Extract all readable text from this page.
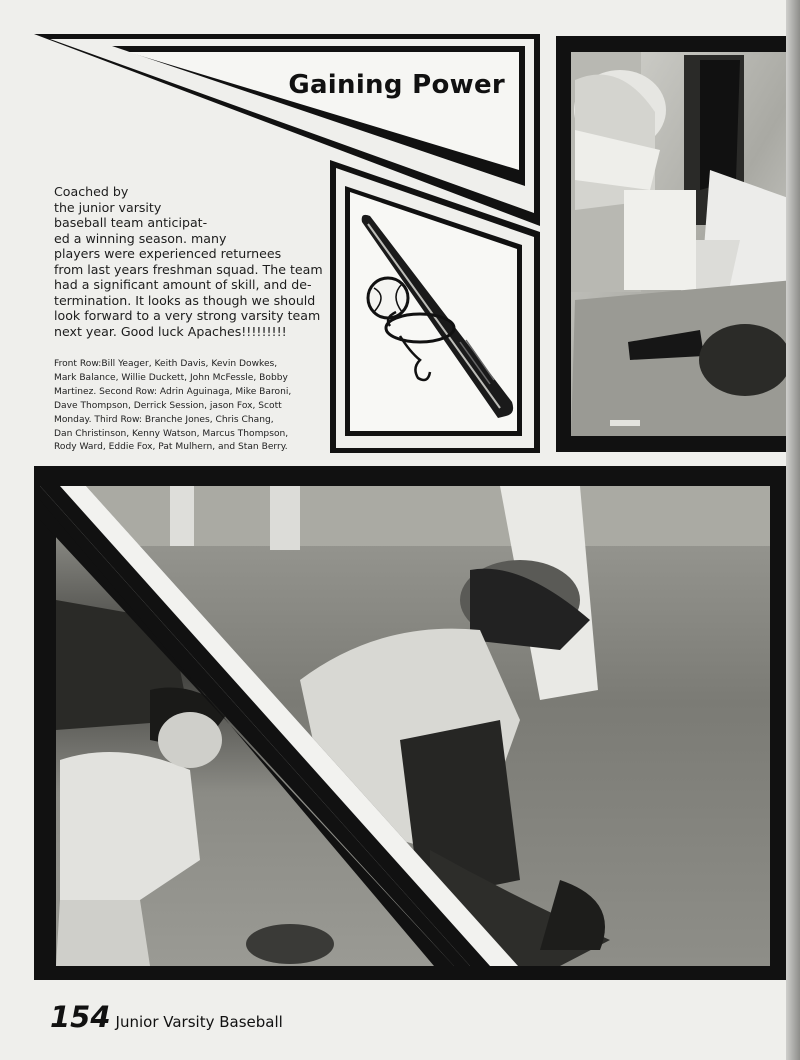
Gaining Power
Coached by
the junior varsity
baseball team anticipat-
ed a winning season. many
players were experienced returnees
from last years freshman squad. The team
had a significant amount of skill, and de-
termination. It looks as though we should
look forward to a very strong varsity team
next year. Good luck Apaches!!!!!!!!!
Front Row:Bill Yeager, Keith Davis, Kevin Dowkes,
Mark Balance, Willie Duckett, John McFessle, Bobby
Martinez. Second Row: Adrin Aguinaga, Mike Baroni,
Dave Thompson, Derrick Session, jason Fox, Scott
Monday. Third Row: Branche Jones, Chris Chang,
Dan Christinson, Kenny Watson, Marcus Thompson,
Rody Ward, Eddie Fox, Pat Mulhern, and Stan Berry.
154 Junior Varsity Baseball
